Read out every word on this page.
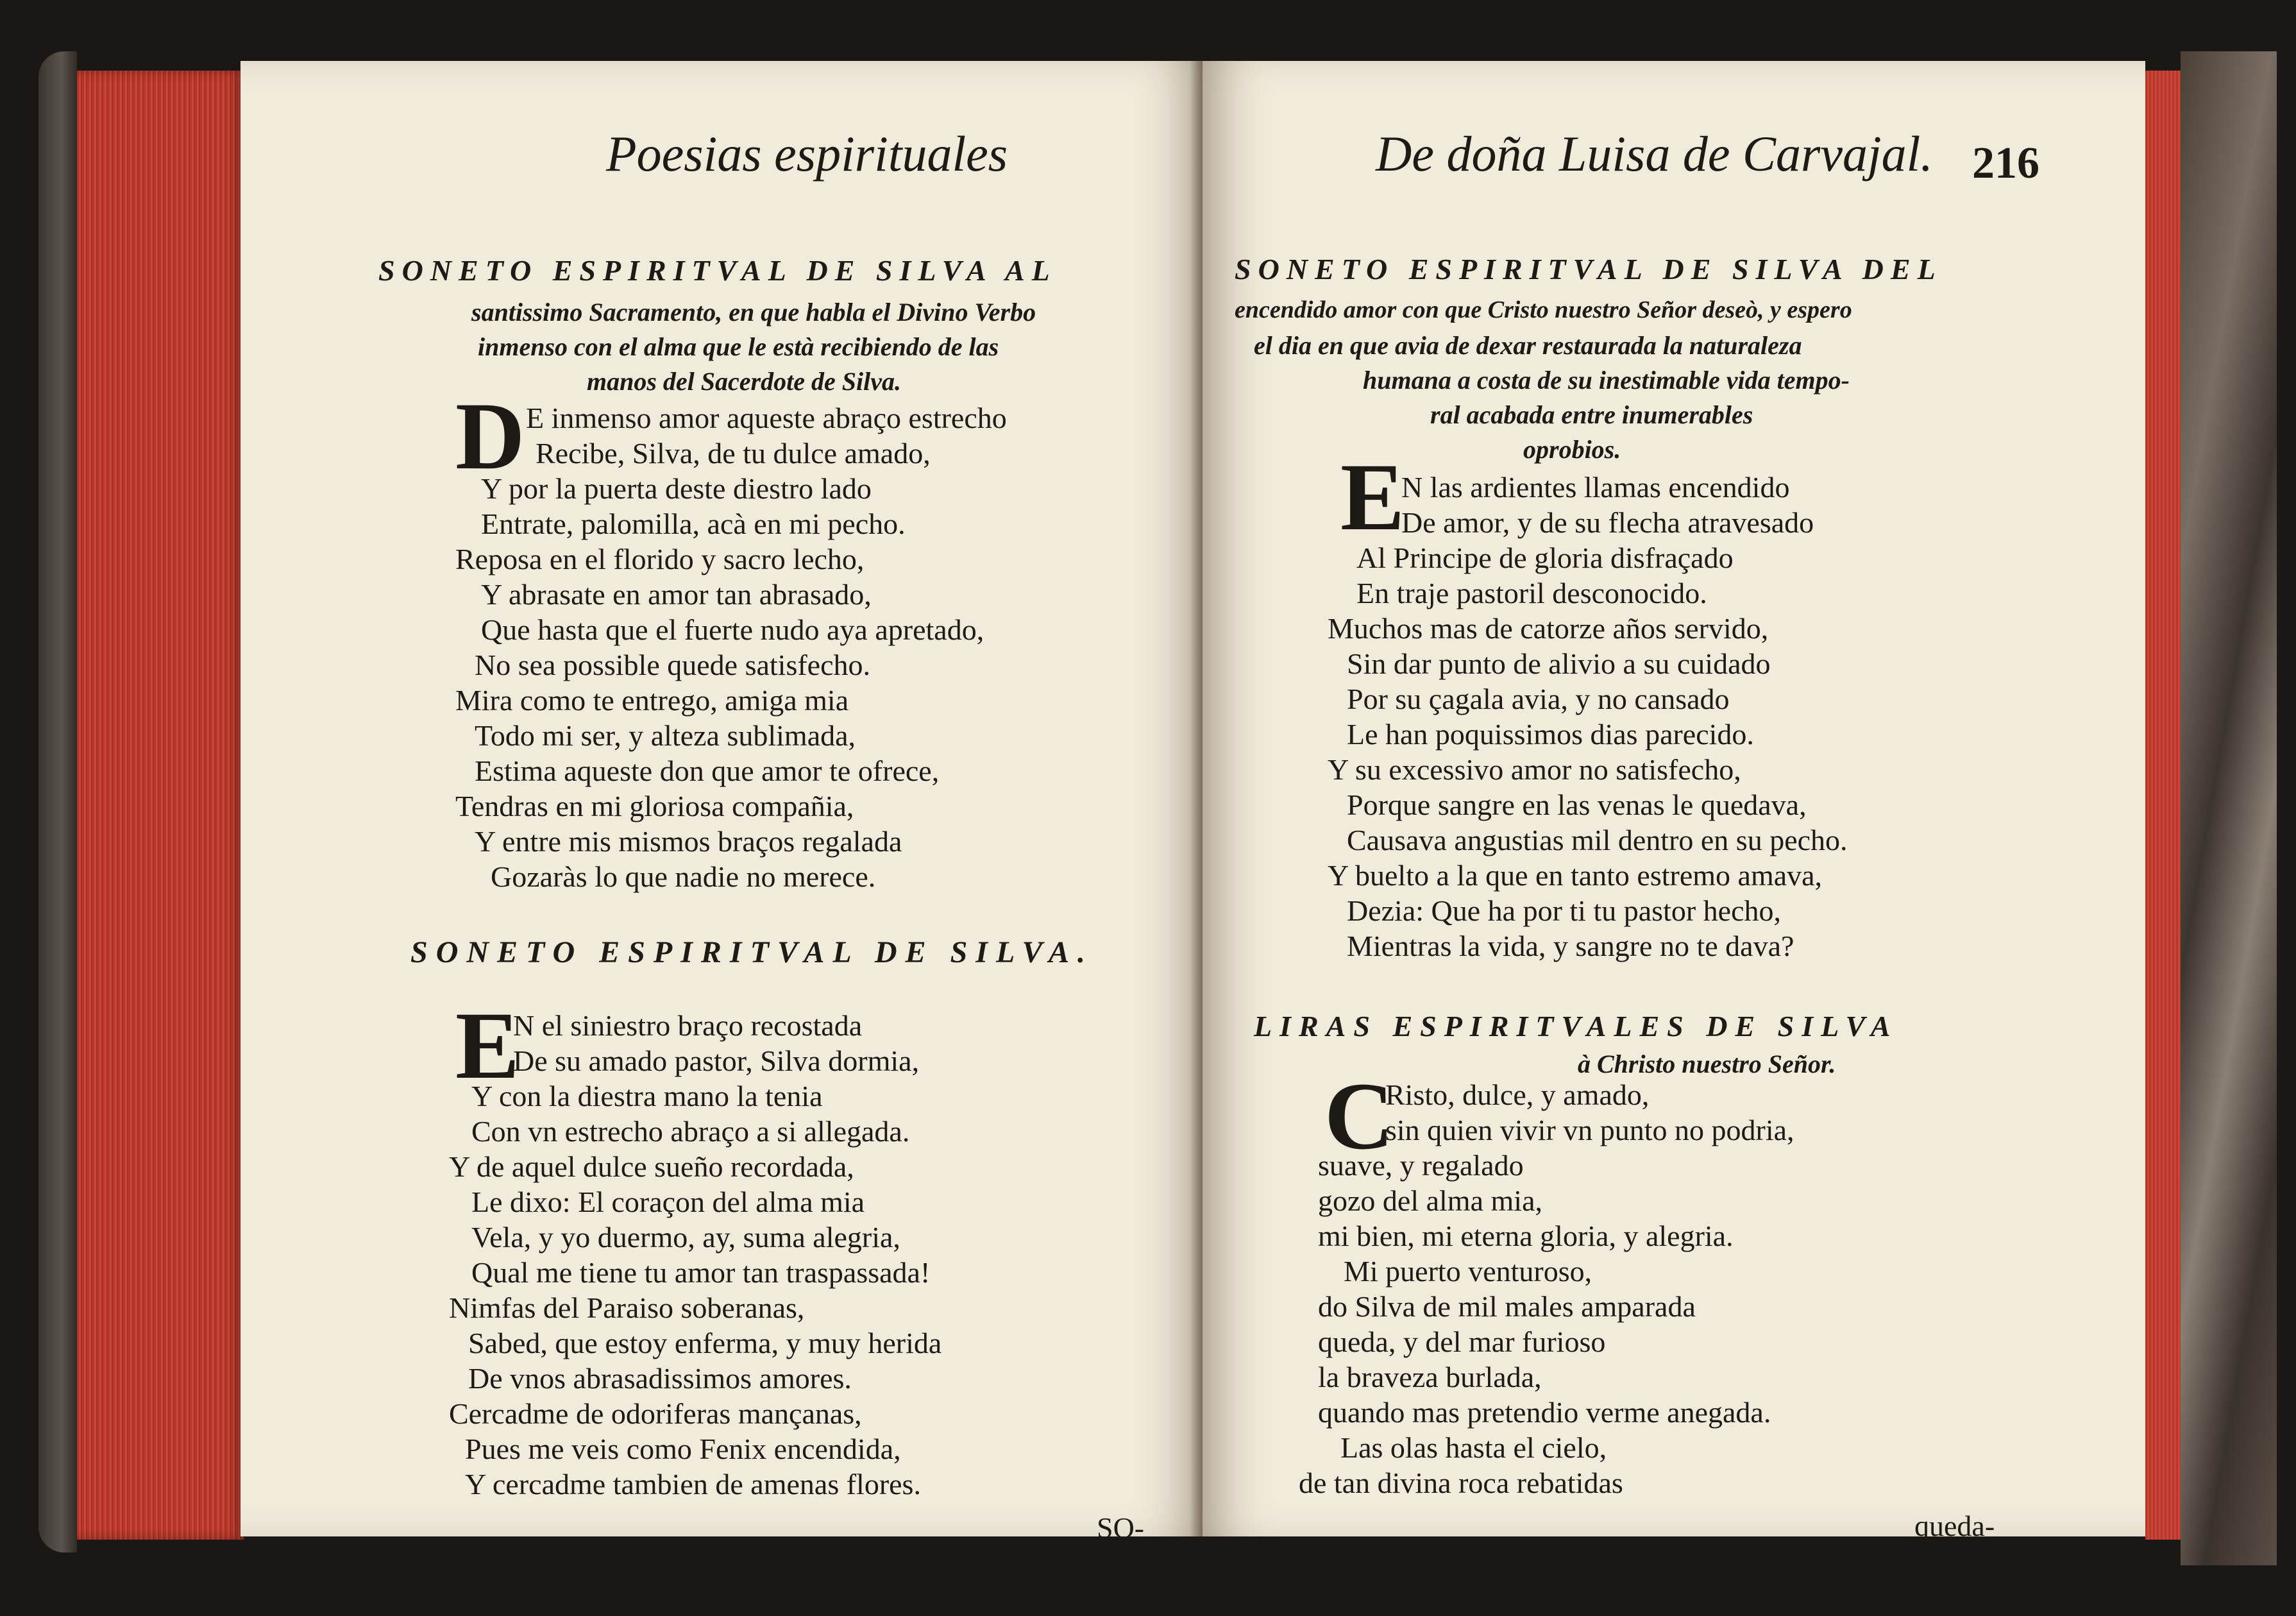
Poesias espirituales
SONETO ESPIRITVAL DE SILVA AL
santissimo Sacramento, en que habla el Divino Verbo
inmenso con el alma que le està recibiendo de las
manos del Sacerdote de Silva.
D E inmenso amor aqueste abraço estrecho
Recibe, Silva, de tu dulce amado,
Y por la puerta deste diestro lado
Entrate, palomilla, acà en mi pecho.
Reposa en el florido y sacro lecho,
Y abrasate en amor tan abrasado,
Que hasta que el fuerte nudo aya apretado,
No sea possible quede satisfecho.
Mira como te entrego, amiga mia
Todo mi ser, y alteza sublimada,
Estima aqueste don que amor te ofrece,
Tendras en mi gloriosa compañia,
Y entre mis mismos braços regalada
Gozaràs lo que nadie no merece.
SONETO ESPIRITVAL DE SILVA.
E
N el siniestro braço recostada
De su amado pastor, Silva dormia,
Y con la diestra mano la tenia
Con vn estrecho abraço a si allegada.
Y de aquel dulce sueño recordada,
Le dixo: El coraçon del alma mia
Vela, y yo duermo, ay, suma alegria,
Qual me tiene tu amor tan traspassada!
Nimfas del Paraiso soberanas,
Sabed, que estoy enferma, y muy herida
De vnos abrasadissimos amores.
Cercadme de odoriferas mançanas,
Pues me veis como Fenix encendida,
Y cercadme tambien de amenas flores.
SO-
De doña Luisa de Carvajal. 216
SONETO ESPIRITVAL DE SILVA DEL
encendido amor con que Cristo nuestro Señor deseò, y espero
el dia en que avia de dexar restaurada la naturaleza
humana a costa de su inestimable vida tempo-
ral acabada entre inumerables
oprobios.
E
N las ardientes llamas encendido
De amor, y de su flecha atravesado
Al Principe de gloria disfraçado
En traje pastoril desconocido.
Muchos mas de catorze años servido,
Sin dar punto de alivio a su cuidado
Por su çagala avia, y no cansado
Le han poquissimos dias parecido.
Y su excessivo amor no satisfecho,
Porque sangre en las venas le quedava,
Causava angustias mil dentro en su pecho.
Y buelto a la que en tanto estremo amava,
Dezia: Que ha por ti tu pastor hecho,
Mientras la vida, y sangre no te dava?
LIRAS ESPIRITVALES DE SILVA
à Christo nuestro Señor.
C
Risto, dulce, y amado,
sin quien vivir vn punto no podria,
suave, y regalado
gozo del alma mia,
mi bien, mi eterna gloria, y alegria.
Mi puerto venturoso,
do Silva de mil males amparada
queda, y del mar furioso
la braveza burlada,
quando mas pretendio verme anegada.
Las olas hasta el cielo,
de tan divina roca rebatidas
queda-
